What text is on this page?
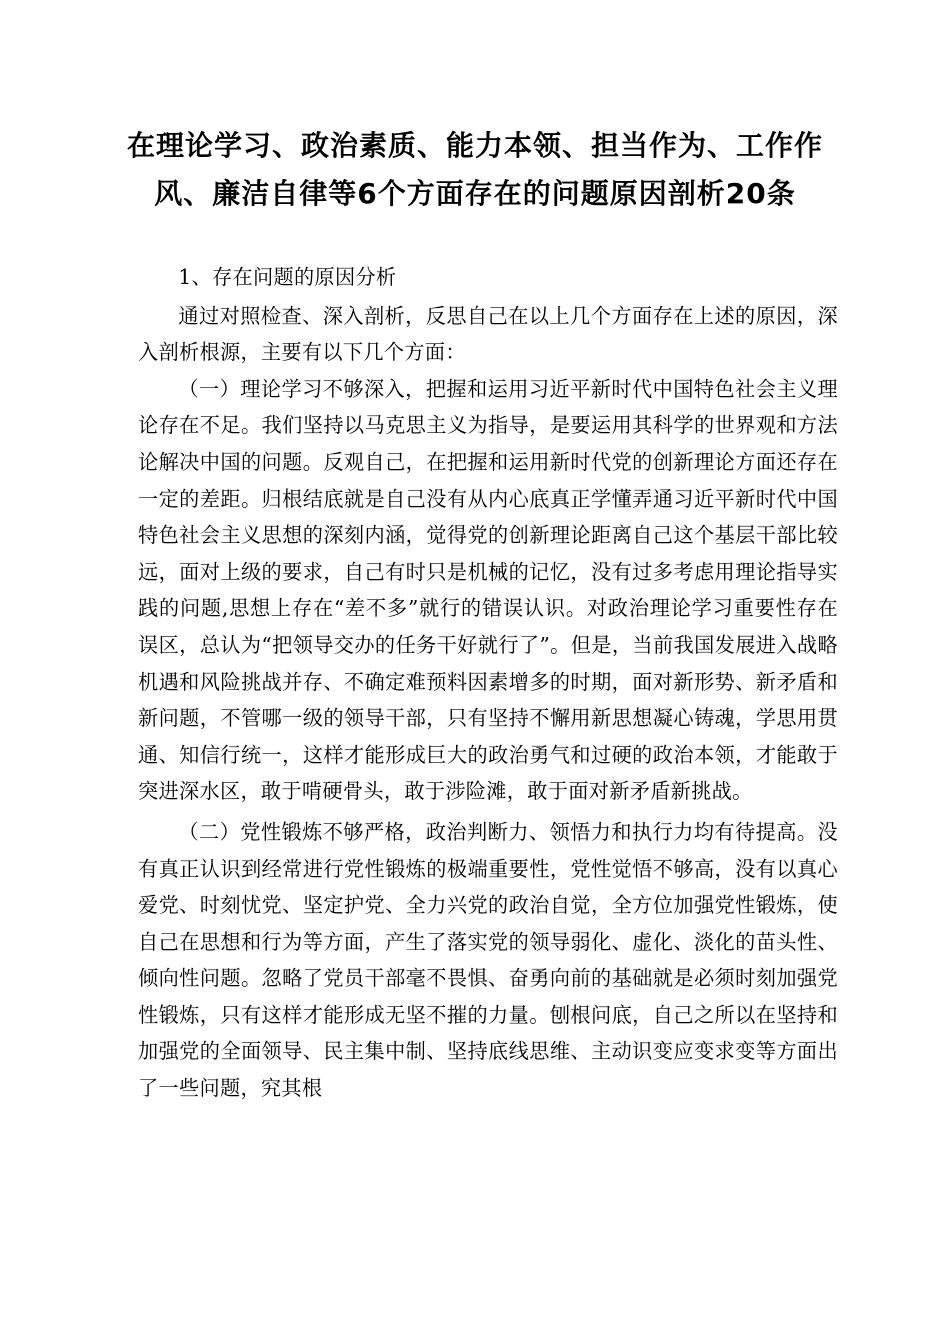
在理论学习、政治素质、能力本领、担当作为、工作作
风、廉洁自律等6个方面存在的问题原因剖析20条

1、存在问题的原因分析

通过对照检查、深入剖析，反思自己在以上几个方面存在上述的原因，深入剖析根源，主要有以下几个方面：

（一）理论学习不够深入，把握和运用习近平新时代中国特色社会主义理论存在不足。我们坚持以马克思主义为指导，是要运用其科学的世界观和方法论解决中国的问题。反观自己，在把握和运用新时代党的创新理论方面还存在一定的差距。归根结底就是自己没有从内心底真正学懂弄通习近平新时代中国特色社会主义思想的深刻内涵，觉得党的创新理论距离自己这个基层干部比较远，面对上级的要求，自己有时只是机械的记忆，没有过多考虑用理论指导实践的问题,思想上存在“差不多”就行的错误认识。对政治理论学习重要性存在误区，总认为“把领导交办的任务干好就行了”。但是，当前我国发展进入战略机遇和风险挑战并存、不确定难预料因素增多的时期，面对新形势、新矛盾和新问题，不管哪一级的领导干部，只有坚持不懈用新思想凝心铸魂，学思用贯通、知信行统一，这样才能形成巨大的政治勇气和过硬的政治本领，才能敢于突进深水区，敢于啃硬骨头，敢于涉险滩，敢于面对新矛盾新挑战。

（二）党性锻炼不够严格，政治判断力、领悟力和执行力均有待提高。没有真正认识到经常进行党性锻炼的极端重要性，党性觉悟不够高，没有以真心爱党、时刻忧党、坚定护党、全力兴党的政治自觉，全方位加强党性锻炼，使自己在思想和行为等方面，产生了落实党的领导弱化、虚化、淡化的苗头性、倾向性问题。忽略了党员干部毫不畏惧、奋勇向前的基础就是必须时刻加强党性锻炼，只有这样才能形成无坚不摧的力量。刨根问底，自己之所以在坚持和加强党的全面领导、民主集中制、坚持底线思维、主动识变应变求变等方面出了一些问题，究其根
